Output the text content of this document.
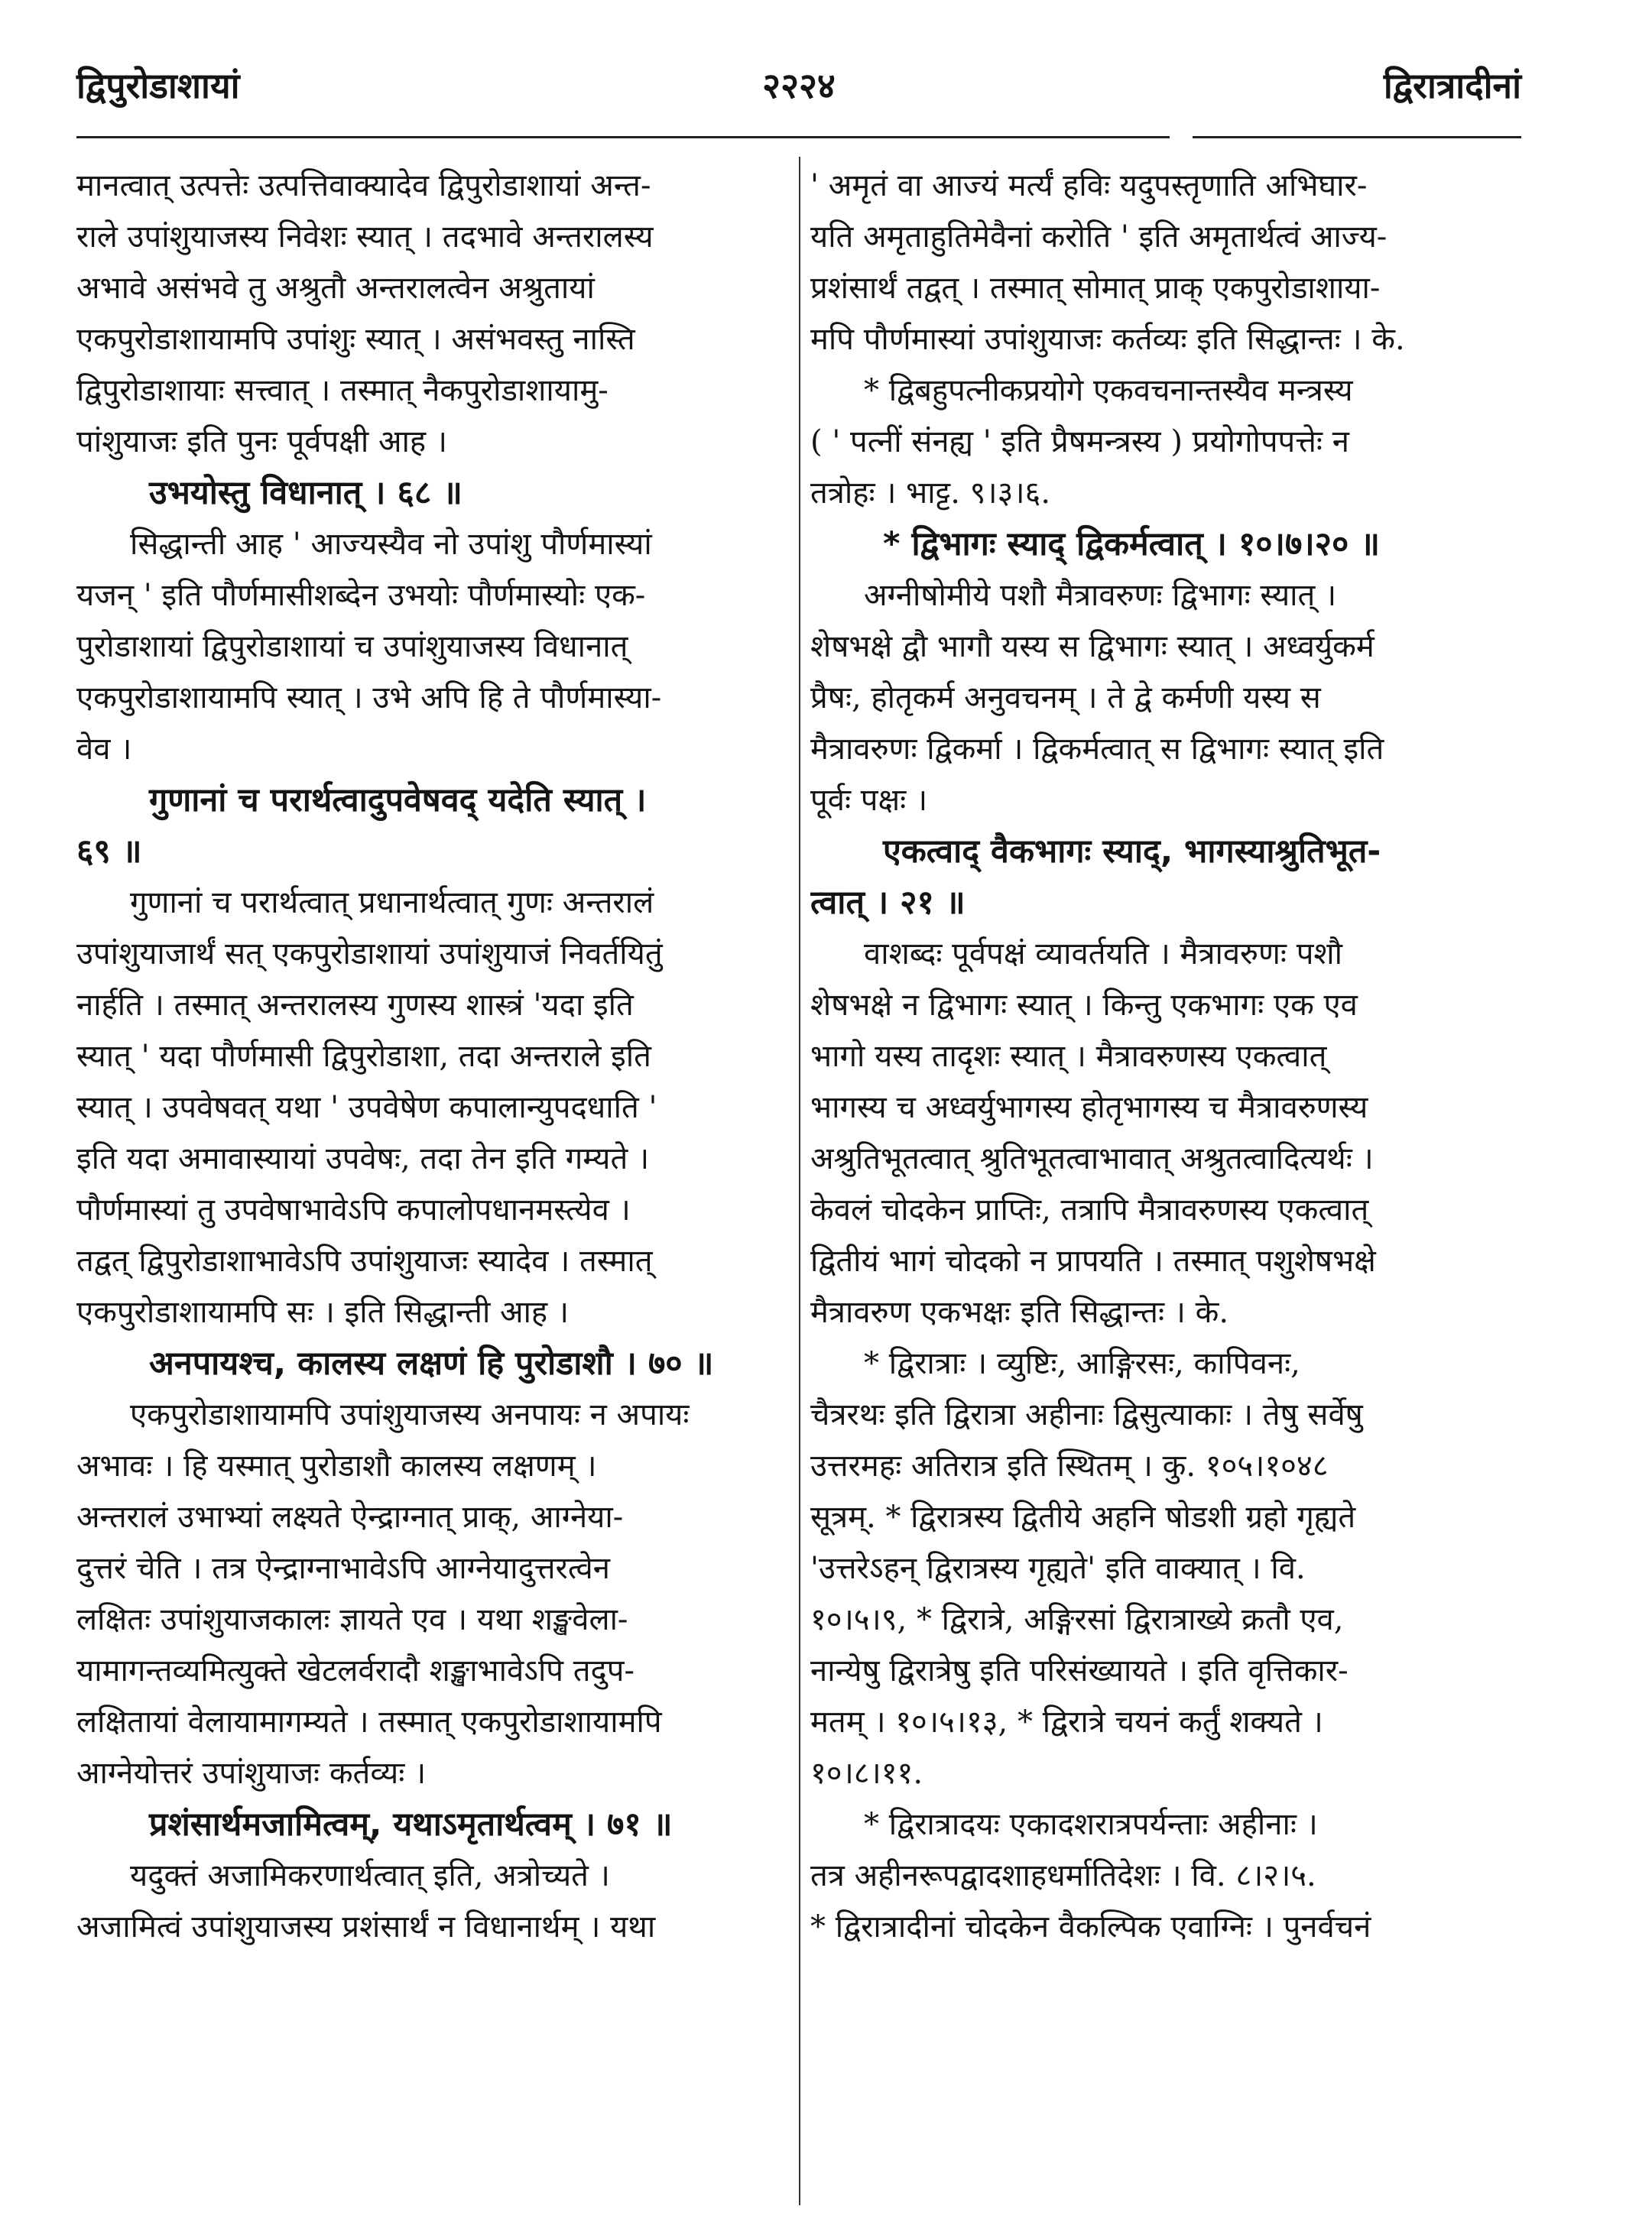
द्विपुरोडाशायां	२२२४	द्विरात्रादीनां
मानत्वात् उत्पत्तेः उत्पत्तिवाक्यादेव द्विपुरोडाशायां अन्त-
राले उपांशुयाजस्य निवेशः स्यात् । तदभावे अन्तरालस्य
अभावे असंभवे तु अश्रुतौ अन्तरालत्वेन अश्रुतायां
एकपुरोडाशायामपि उपांशुः स्यात् । असंभवस्तु नास्ति
द्विपुरोडाशायाः सत्त्वात् । तस्मात् नैकपुरोडाशायामु-
पांशुयाजः इति पुनः पूर्वपक्षी आह ।
उभयोस्तु विधानात् । ६८ ॥
सिद्धान्ती आह ' आज्यस्यैव नो उपांशु पौर्णमास्यां
यजन् ' इति पौर्णमासीशब्देन उभयोः पौर्णमास्योः एक-
पुरोडाशायां द्विपुरोडाशायां च उपांशुयाजस्य विधानात्
एकपुरोडाशायामपि स्यात् । उभे अपि हि ते पौर्णमास्या-
वेव ।
गुणानां च परार्थत्वादुपवेषवद् यदेति स्यात् ।
६९ ॥
गुणानां च परार्थत्वात् प्रधानार्थत्वात् गुणः अन्तरालं
उपांशुयाजार्थं सत् एकपुरोडाशायां उपांशुयाजं निवर्तयितुं
नार्हति । तस्मात् अन्तरालस्य गुणस्य शास्त्रं 'यदा इति
स्यात् ' यदा पौर्णमासी द्विपुरोडाशा, तदा अन्तराले इति
स्यात् । उपवेषवत् यथा ' उपवेषेण कपालान्युपदधाति '
इति यदा अमावास्यायां उपवेषः, तदा तेन इति गम्यते ।
पौर्णमास्यां तु उपवेषाभावेऽपि कपालोपधानमस्त्येव ।
तद्वत् द्विपुरोडाशाभावेऽपि उपांशुयाजः स्यादेव । तस्मात्
एकपुरोडाशायामपि सः । इति सिद्धान्ती आह ।
अनपायश्च, कालस्य लक्षणं हि पुरोडाशौ । ७० ॥
एकपुरोडाशायामपि उपांशुयाजस्य अनपायः न अपायः
अभावः । हि यस्मात् पुरोडाशौ कालस्य लक्षणम् ।
अन्तरालं उभाभ्यां लक्ष्यते ऐन्द्राग्नात् प्राक्, आग्नेया-
दुत्तरं चेति । तत्र ऐन्द्राग्नाभावेऽपि आग्नेयादुत्तरत्वेन
लक्षितः उपांशुयाजकालः ज्ञायते एव । यथा शङ्खवेला-
यामागन्तव्यमित्युक्ते खेटलर्वरादौ शङ्खाभावेऽपि तदुप-
लक्षितायां वेलायामागम्यते । तस्मात् एकपुरोडाशायामपि
आग्नेयोत्तरं उपांशुयाजः कर्तव्यः ।
प्रशंसार्थमजामित्वम्, यथाऽमृतार्थत्वम् । ७१ ॥
यदुक्तं अजामिकरणार्थत्वात् इति, अत्रोच्यते ।
अजामित्वं उपांशुयाजस्य प्रशंसार्थं न विधानार्थम् । यथा
' अमृतं वा आज्यं मर्त्यं हविः यदुपस्तृणाति अभिघार-
यति अमृताहुतिमेवैनां करोति ' इति अमृतार्थत्वं आज्य-
प्रशंसार्थं तद्वत् । तस्मात् सोमात् प्राक् एकपुरोडाशाया-
मपि पौर्णमास्यां उपांशुयाजः कर्तव्यः इति सिद्धान्तः । के.
* द्विबहुपत्नीकप्रयोगे एकवचनान्तस्यैव मन्त्रस्य
( ' पत्नीं संनह्य ' इति प्रैषमन्त्रस्य ) प्रयोगोपपत्तेः न
तत्रोहः । भाट्ट. ९।३।६.
* द्विभागः स्याद् द्विकर्मत्वात् । १०।७।२० ॥
अग्नीषोमीये पशौ मैत्रावरुणः द्विभागः स्यात् ।
शेषभक्षे द्वौ भागौ यस्य स द्विभागः स्यात् । अध्वर्युकर्म
प्रैषः, होतृकर्म अनुवचनम् । ते द्वे कर्मणी यस्य स
मैत्रावरुणः द्विकर्मा । द्विकर्मत्वात् स द्विभागः स्यात् इति
पूर्वः पक्षः ।
एकत्वाद् वैकभागः स्याद्, भागस्याश्रुतिभूत-
त्वात् । २१ ॥
वाशब्दः पूर्वपक्षं व्यावर्तयति । मैत्रावरुणः पशौ
शेषभक्षे न द्विभागः स्यात् । किन्तु एकभागः एक एव
भागो यस्य तादृशः स्यात् । मैत्रावरुणस्य एकत्वात्
भागस्य च अध्वर्युभागस्य होतृभागस्य च मैत्रावरुणस्य
अश्रुतिभूतत्वात् श्रुतिभूतत्वाभावात् अश्रुतत्वादित्यर्थः ।
केवलं चोदकेन प्राप्तिः, तत्रापि मैत्रावरुणस्य एकत्वात्
द्वितीयं भागं चोदको न प्रापयति । तस्मात् पशुशेषभक्षे
मैत्रावरुण एकभक्षः इति सिद्धान्तः । के.
* द्विरात्राः । व्युष्टिः, आङ्गिरसः, कापिवनः,
चैत्ररथः इति द्विरात्रा अहीनाः द्विसुत्याकाः । तेषु सर्वेषु
उत्तरमहः अतिरात्र इति स्थितम् । कु. १०५।१०४८
सूत्रम्. * द्विरात्रस्य द्वितीये अहनि षोडशी ग्रहो गृह्यते
'उत्तरेऽहन् द्विरात्रस्य गृह्यते' इति वाक्यात् । वि.
१०।५।९, * द्विरात्रे, अङ्गिरसां द्विरात्राख्ये क्रतौ एव,
नान्येषु द्विरात्रेषु इति परिसंख्यायते । इति वृत्तिकार-
मतम् । १०।५।१३, * द्विरात्रे चयनं कर्तुं शक्यते ।
१०।८।११.
* द्विरात्रादयः एकादशरात्रपर्यन्ताः अहीनाः ।
तत्र अहीनरूपद्वादशाहधर्मातिदेशः । वि. ८।२।५.
* द्विरात्रादीनां चोदकेन वैकल्पिक एवाग्निः । पुनर्वचनं
